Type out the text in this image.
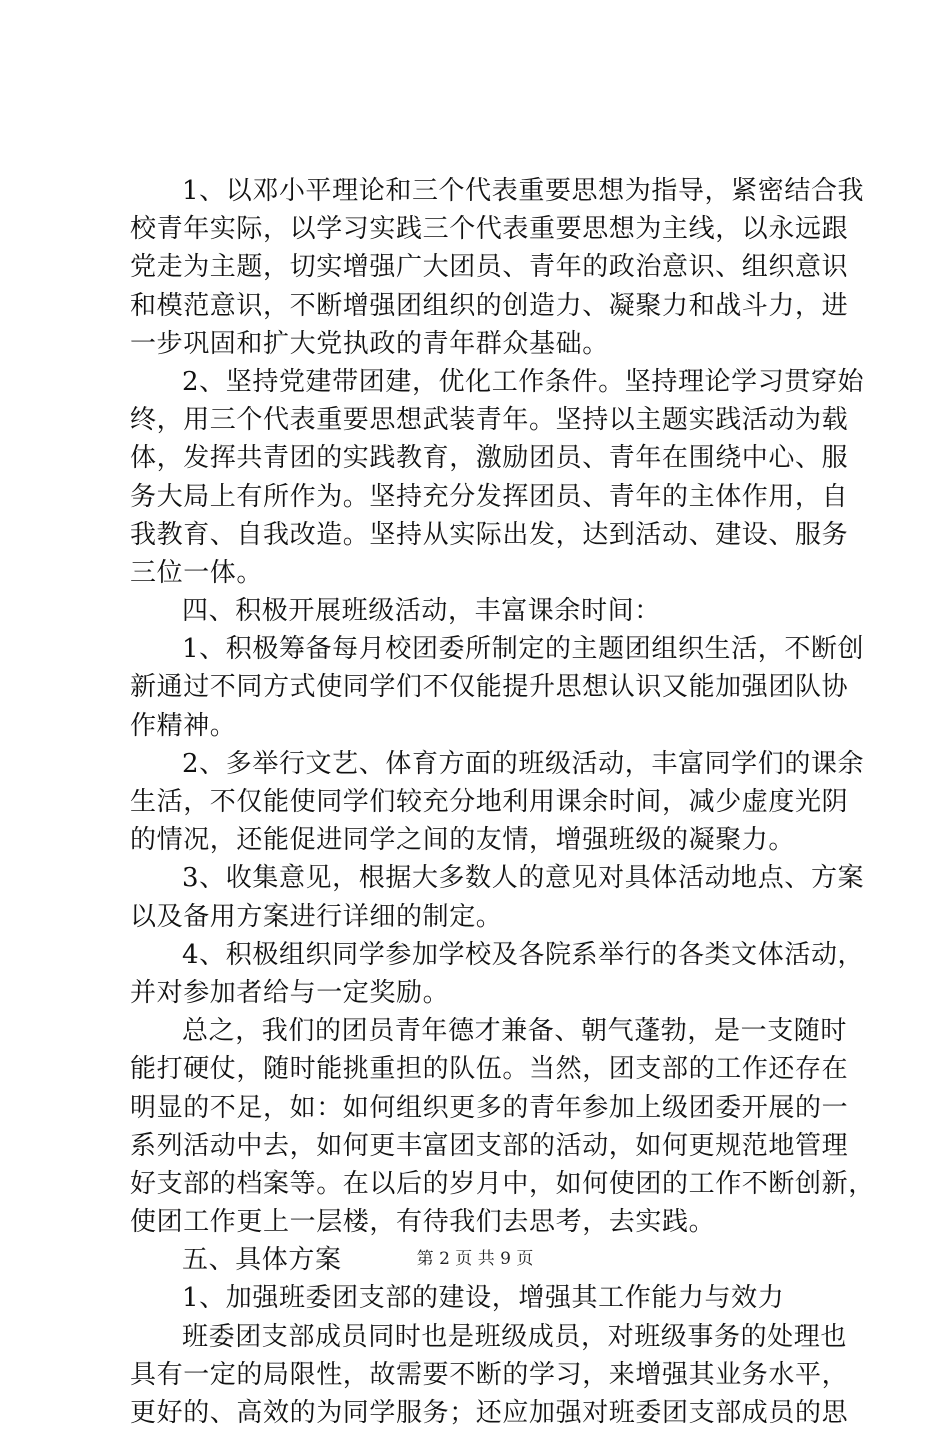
1、以邓小平理论和三个代表重要思想为指导，紧密结合我
校青年实际，以学习实践三个代表重要思想为主线，以永远跟
党走为主题，切实增强广大团员、青年的政治意识、组织意识
和模范意识，不断增强团组织的创造力、凝聚力和战斗力，进
一步巩固和扩大党执政的青年群众基础。
2、坚持党建带团建，优化工作条件。坚持理论学习贯穿始
终，用三个代表重要思想武装青年。坚持以主题实践活动为载
体，发挥共青团的实践教育，激励团员、青年在围绕中心、服
务大局上有所作为。坚持充分发挥团员、青年的主体作用，自
我教育、自我改造。坚持从实际出发，达到活动、建设、服务
三位一体。
四、积极开展班级活动，丰富课余时间：
1、积极筹备每月校团委所制定的主题团组织生活，不断创
新通过不同方式使同学们不仅能提升思想认识又能加强团队协
作精神。
2、多举行文艺、体育方面的班级活动，丰富同学们的课余
生活，不仅能使同学们较充分地利用课余时间，减少虚度光阴
的情况，还能促进同学之间的友情，增强班级的凝聚力。
3、收集意见，根据大多数人的意见对具体活动地点、方案
以及备用方案进行详细的制定。
4、积极组织同学参加学校及各院系举行的各类文体活动，
并对参加者给与一定奖励。
总之，我们的团员青年德才兼备、朝气蓬勃，是一支随时
能打硬仗，随时能挑重担的队伍。当然，团支部的工作还存在
明显的不足，如：如何组织更多的青年参加上级团委开展的一
系列活动中去，如何更丰富团支部的活动，如何更规范地管理
好支部的档案等。在以后的岁月中，如何使团的工作不断创新，
使团工作更上一层楼，有待我们去思考，去实践。
五、具体方案
1、加强班委团支部的建设，增强其工作能力与效力
班委团支部成员同时也是班级成员，对班级事务的处理也
具有一定的局限性，故需要不断的学习，来增强其业务水平，
更好的、高效的为同学服务；还应加强对班委团支部成员的思
第 2 页 共 9 页
